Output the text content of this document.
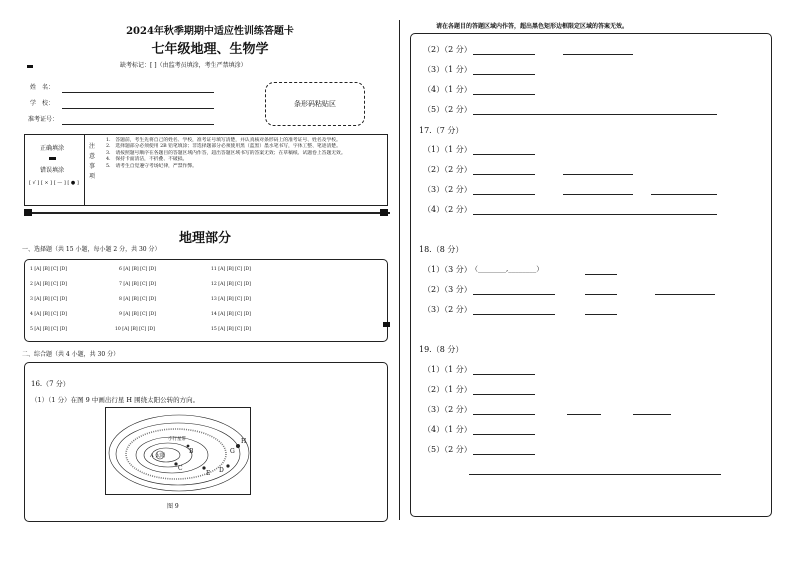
2024年秋季期期中适应性训练答题卡
七年级地理、生物学
缺考标记：[ ]（由监考员填涂，考生严禁填涂）
姓　名：
学　校：
准考证号：
条形码粘贴区
正确填涂
错误填涂
[ √ ] [ × ] [ — ] [ ● ]
注
意
事
项
1.　答题前，考生先将自己的姓名、学校，准考证号填写清楚，并认真核对条形码上的准考证号、姓名及学校。
2.　选择题部分必须使用 2B 铅笔填涂；非选择题部分必须使用黑（蓝黑）墨水笔书写，字体工整、笔迹清楚。
3.　请按照题号顺序在各题目的答题区域内作答，超出答题区域书写的答案无效；在草稿纸、试题卷上答题无效。
4.　保持卡面清洁，不折叠、不破损。
5.　请考生自觉遵守考场纪律，严禁作弊。
地理部分
一、选择题（共 15 小题，每小题 2 分，共 30 分）
1 [A] [B] [C] [D]	6 [A] [B] [C] [D]	11 [A] [B] [C] [D]
2 [A] [B] [C] [D]	7 [A] [B] [C] [D]	12 [A] [B] [C] [D]
3 [A] [B] [C] [D]	8 [A] [B] [C] [D]	13 [A] [B] [C] [D]
4 [A] [B] [C] [D]	9 [A] [B] [C] [D]	14 [A] [B] [C] [D]
5 [A] [B] [C] [D]	10 [A] [B] [C] [D]	15 [A] [B] [C] [D]
二、综合题（共 4 小题，共 30 分）
16.（7 分）
（1）（1 分）在图 9 中画出行星 H 围绕太阳公转的方向。
A 太阳
小行星带	H
G
B
C
E D
图 9
请在各题目的答题区域内作答，超出黑色矩形边框限定区域的答案无效。
（2）（2 分）
（3）（1 分）
（4）（1 分）
（5）（2 分）
17.（7 分）
（1）（1 分）
（2）（2 分）
（3）（2 分）
（4）（2 分）
18.（8 分）
（1）（3 分） （________,________）
（2）（3 分）
（3）（2 分）
19.（8 分）
（1）（1 分）
（2）（1 分）
（3）（2 分）
（4）（1 分）
（5）（2 分）
